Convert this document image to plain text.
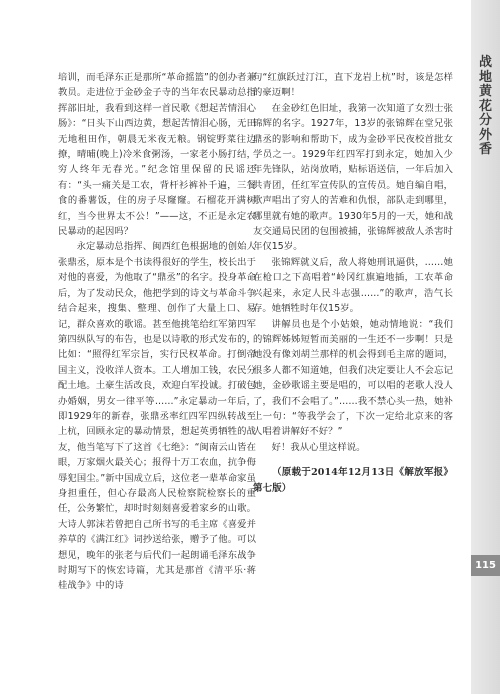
培训，而毛泽东正是那所“革命摇篮”的创办者兼教员。走进位于金砂金子寺的当年农民暴动总指挥部旧址，我看到这样一首民歌《想起苦情泪心肠》：“日头下山西边黄，想起苦情泪心肠，无田无地租田作，朝晨无米夜无粮。钢锭野菜往边撩，晴晡(晚上)冷米食粥汤，一家老小肠打结，穷人终年无春光。”纪念馆里保留的民谣还有：“头一痛关是工农，背杆衫裤补千遍，三餐食的番薯饭，住的房子尽窿窿。石榴花开满树红，当今世界太不公！”——这，不正是永定农民暴动的起因吗？

永定暴动总指挥、闽西红色根据地的创始人张鼎丞，原本是个书读得很好的学生，校长出于对他的喜爱，为他取了“鼎丞”的名字。投身革命后，为了发动民众，他把学到的诗文与革命斗争结合起来，搜集、整理、创作了大量上口、易记，群众喜欢的歌谣。甚至他挑笔给红军第四军第四纵队写的布告，也是以诗歌的形式发布的，比如：“照得红军宗旨，实行民权革命。打倒帝国主义，没收洋人资本。工人增加工钱，农民分配土地。土豪生活改良，欢迎白军投诚。打破包办婚姻，男女一律平等……”永定暴动一年后，即1929年的新春，张鼎丞率红四军四纵转战至上杭，回顾永定的暴动情景，想起英勇牺牲的战友，他当笔写下了这首《七绝》：“闽南云山皆在眼，万家烟火最关心；报得十万工农血，抗争侮辱犯国尘。”新中国成立后，这位老一辈革命家虽身担重任，但心存最高人民检察院检察长的重任，公务繁忙，却时时刻刻喜爱着家乡的山歌。大诗人郭沫若曾把自己所书写的毛主席《喜爱并养草的《满江红》词抄送给张，赠予了他。可以想见，晚年的张老与后代们一起朗诵毛泽东战争时期写下的恢宏诗篇，尤其是那首《清平乐·蒋桂战争》中的诗

句“红旗跃过汀江，直下龙岩上杭”时，该是怎样的豪迈啊！

在金砂红色旧址，我第一次知道了女烈士张锦辉的名字。1927年，13岁的张锦辉在堂兄张鼎丞的影响和帮助下，成为金砂平民夜校首批女学员之一。1929年红四军打到永定，她加入少年先锋队，站岗放哨，贴标语送信，一年后加入共青团，任红军宣传队的宣传员。她自编自唱，歌声唱出了穷人的苦难和仇恨，部队走到哪里，哪里就有她的歌声。1930年5月的一天，她和战友交通局民团的包围被捕，张锦辉被敌人杀害时年仅15岁。

张锦辉就义后，敌人将她刑讯逼供，……她在枪口之下高唱着“岭冈红旗遍地插，工农革命兴起来，永定人民斗志强……”的歌声，浩气长存。她牺牲时年仅15岁。

讲解员也是个小姑娘，她动情地说：“我们的锦辉姊姊短暂而美丽的一生还不一步啊！只是她没有像刘胡兰那样的机会得到毛主席的题词，很多人都不知道她，但我们决定要让人不会忘记她，金砂歌谣主要是唱的，可以唱的老歌人没人了，我们不会唱了。”……我不禁心头一热，她补上一句：“等我学会了，下次一定给北京来的客人唱着讲解好不好？”

好！我从心里这样说。

（原载于2014年12月13日《解放军报》第七版）
战
地
黄
花
分
外
香
115
